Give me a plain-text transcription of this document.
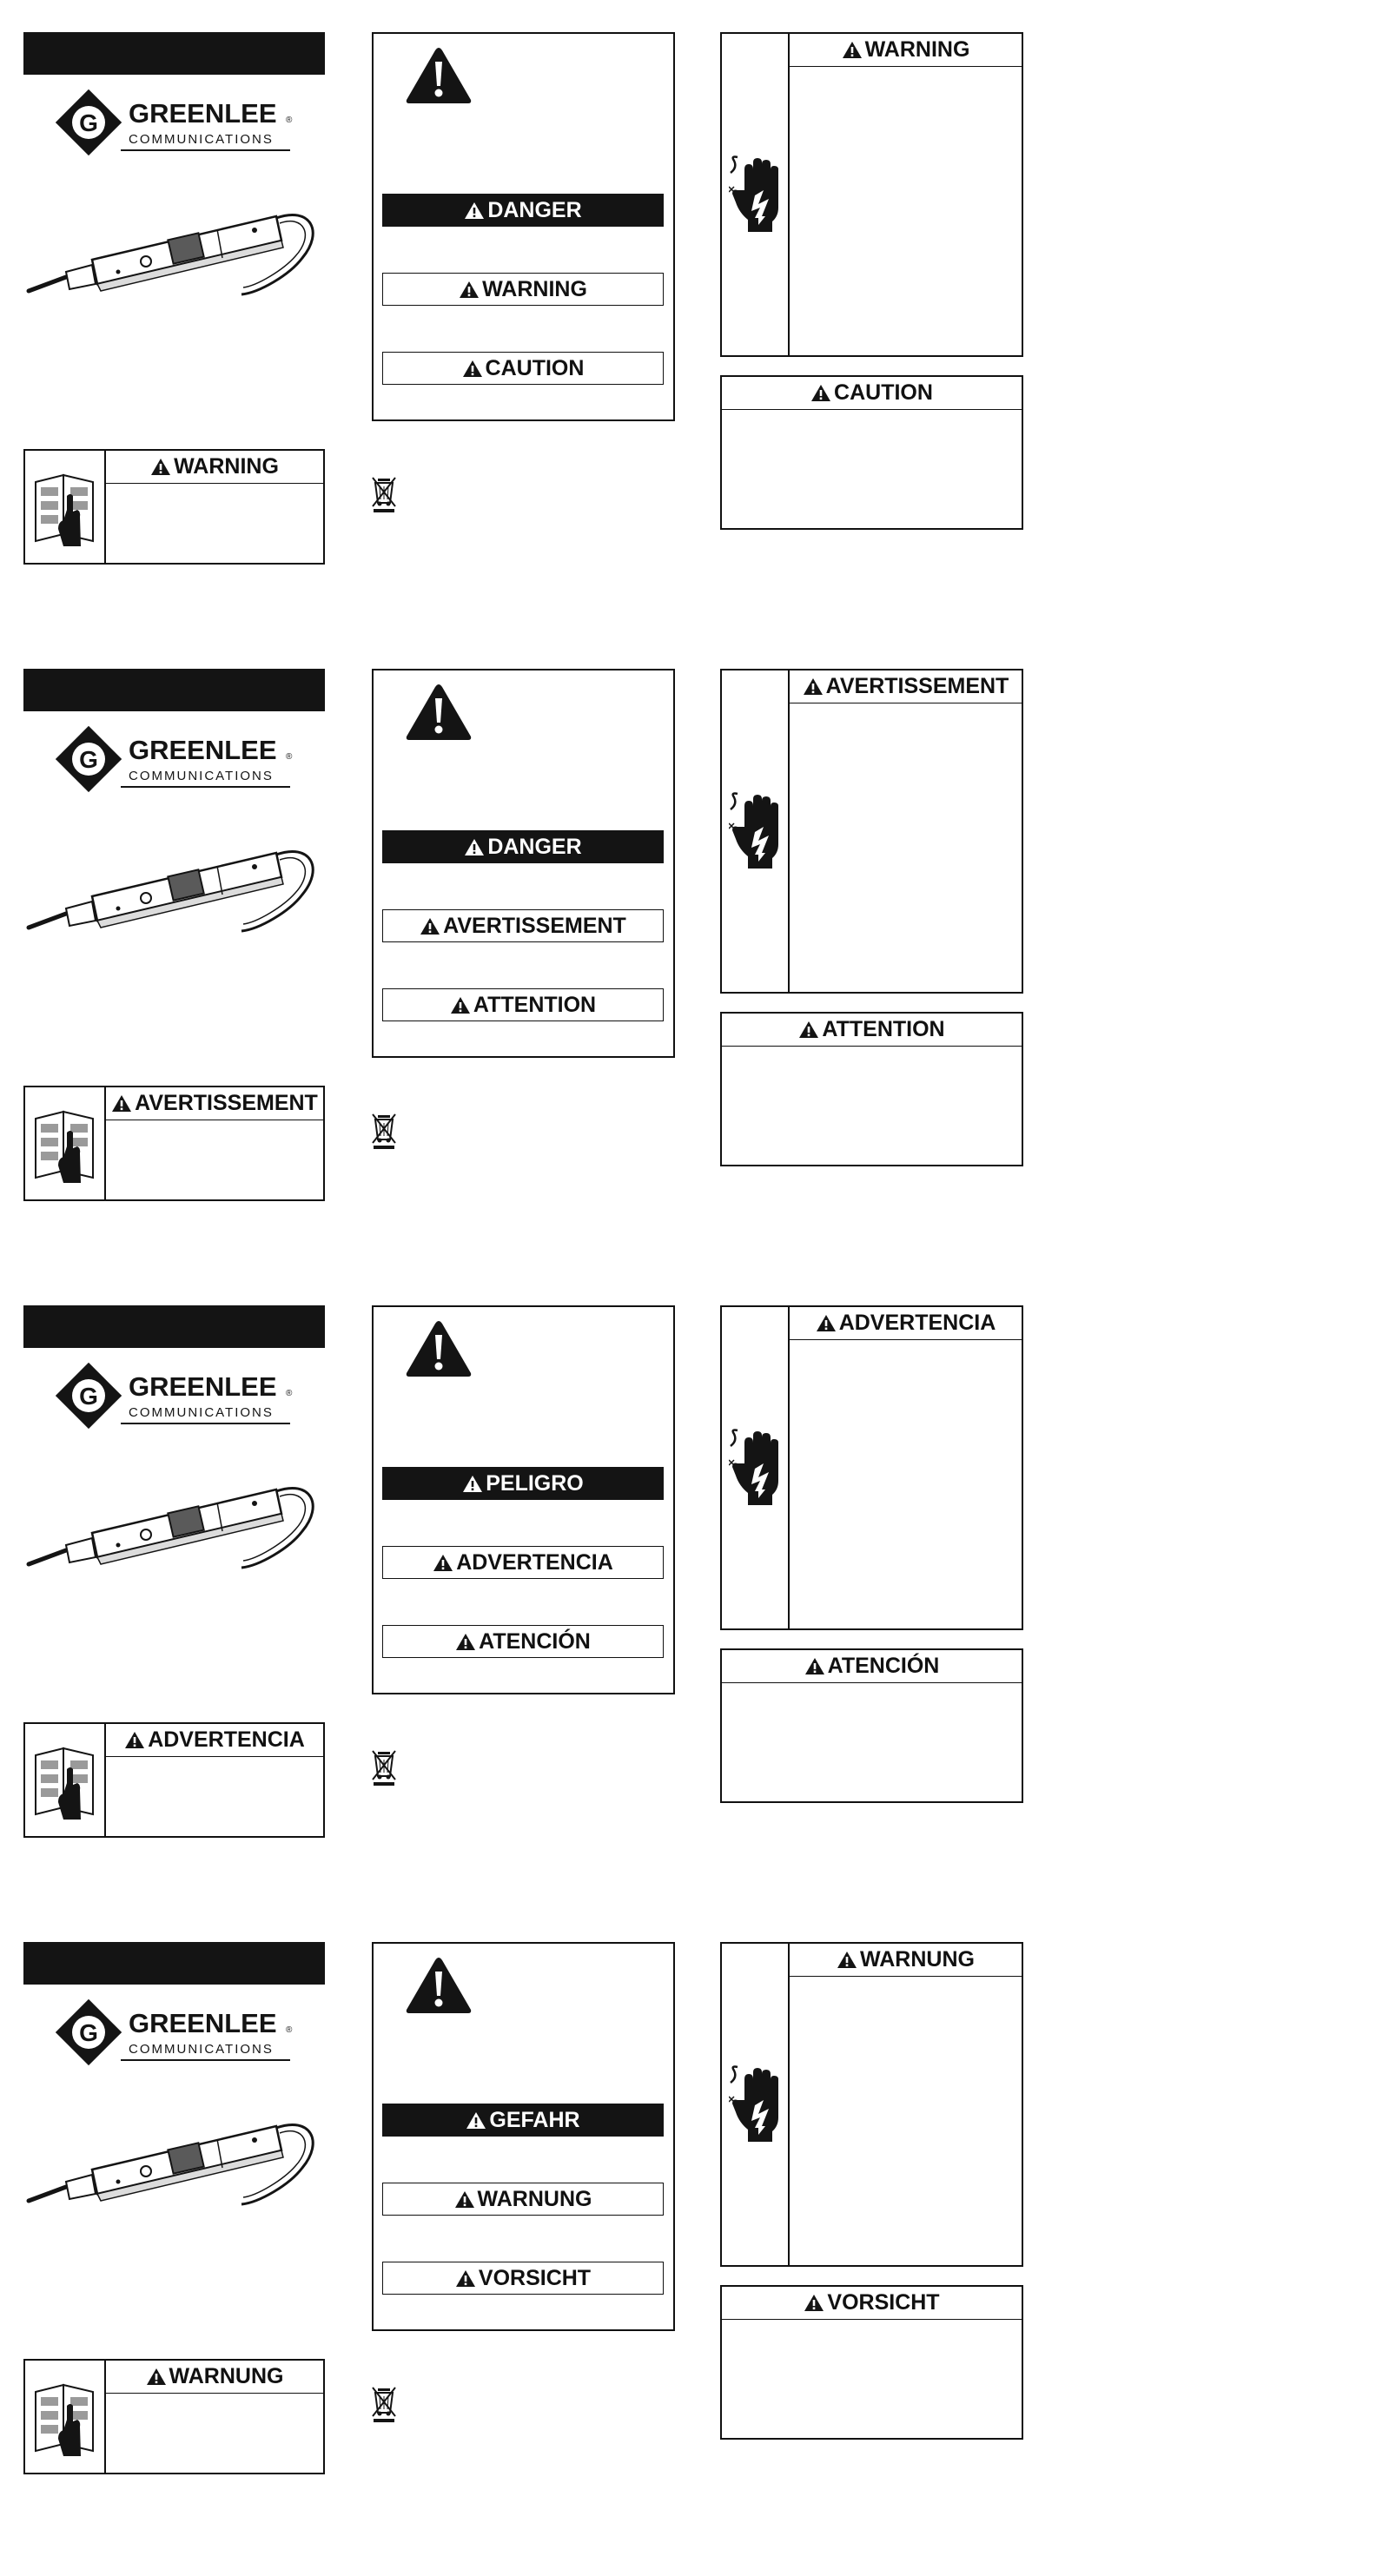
G GREENLEE ®
COMMUNICATIONS
WARNING
DANGER
WARNING
CAUTION
WARNING
CAUTION
G GREENLEE ®
COMMUNICATIONS
AVERTISSEMENT
DANGER
AVERTISSEMENT
ATTENTION
AVERTISSEMENT
ATTENTION
G GREENLEE ®
COMMUNICATIONS
ADVERTENCIA
PELIGRO
ADVERTENCIA
ATENCIÓN
ADVERTENCIA
ATENCIÓN
G GREENLEE ®
COMMUNICATIONS
WARNUNG
GEFAHR
WARNUNG
VORSICHT
WARNUNG
VORSICHT
